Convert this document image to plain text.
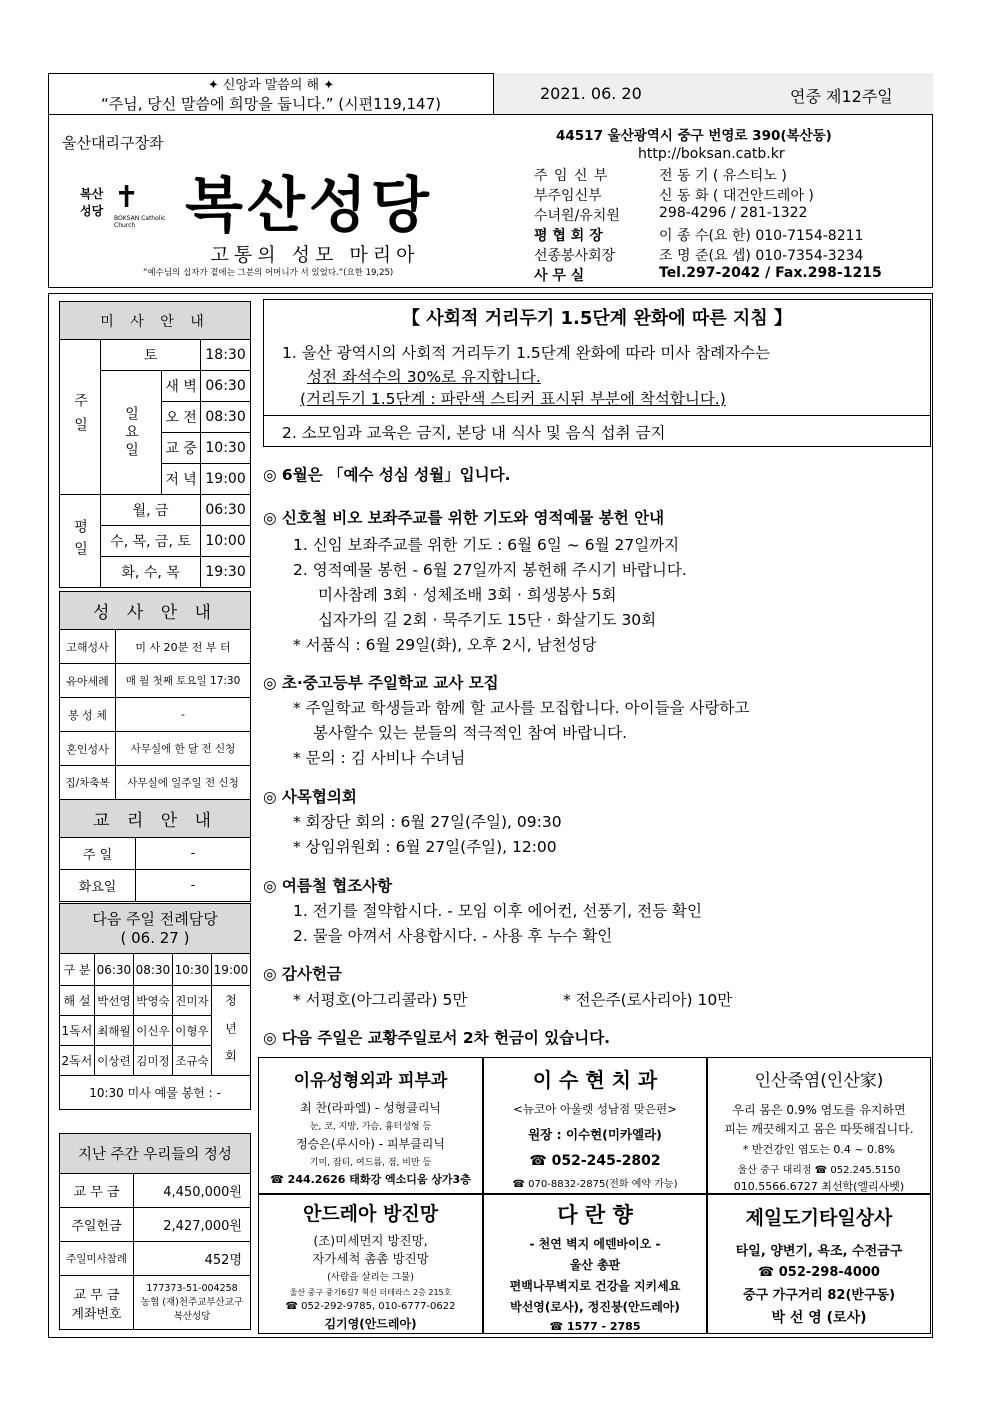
✦ 신앙과 말씀의 해 ✦
“주님, 당신 말씀에 희망을 둡니다.” (시편119,147)
2021. 06. 20	연중 제12주일
울산대리구장좌
복산
성당 ✝
BOKSAN Catholic Church 복산성당
고통의 성모 마리아
“예수님의 십자가 곁에는 그분의 어머니가 서 있었다.”(요한 19,25)
44517 울산광역시 중구 번영로 390(복산동)
http://boksan.catb.kr
주 임 신 부	전 동 기 ( 유스티노 )
부주임신부	신 동 화 ( 대건안드레아 )
수녀원/유치원	298-4296 / 281-1322
평 협 회 장	이 종 수(요 한) 010-7154-8211
선종봉사회장	조 명 준(요 셉) 010-7354-3234
사 무 실	Tel.297-2042 / Fax.298-1215
미 사 안 내			
주일	토		18:30
	일요일	새 벽	06:30
		오 전	08:30
		교 중	10:30
		저 녁	19:00
평일	월, 금		06:30
	수, 목, 금, 토		10:00
	화, 수, 목		19:30
성 사 안 내	
고해성사	미 사 20분 전 부 터
유아세례	매 월 첫째 토요일 17:30
봉 성 체	-
혼인성사	사무실에 한 달 전 신청
집/차축복	사무실에 일주일 전 신청
교 리 안 내	
주 일	-
화요일	-
다음 주일 전례담당
( 06. 27 )				

구 분	06:30	08:30	10:30	19:00
해 설	박선영	박영숙	진미자	청 년 회
1독서	최해월	이신우	이형우	
2독서	이상련	김미정	조규숙	
10:30 미사 예물 봉헌 : -				
지난 주간 우리들의 정성	
교 무 금	4,450,000원
주일헌금	2,427,000원
주일미사참례	452명
교 무 금 계좌번호	177373-51-004258
농협 (재)천주교부산교구 복산성당
【 사회적 거리두기 1.5단계 완화에 따른 지침 】
1. 울산 광역시의 사회적 거리두기 1.5단계 완화에 따라 미사 참례자수는
성전 좌석수의 30%로 유지합니다.
(거리두기 1.5단계 : 파란색 스티커 표시된 부분에 착석합니다.)
2. 소모임과 교육은 금지, 본당 내 식사 및 음식 섭취 금지
◎ 6월은 「예수 성심 성월」입니다.
◎ 신호철 비오 보좌주교를 위한 기도와 영적예물 봉헌 안내
1. 신임 보좌주교를 위한 기도 : 6월 6일 ~ 6월 27일까지
2. 영적예물 봉헌 - 6월 27일까지 봉헌해 주시기 바랍니다.
미사참례 3회 · 성체조배 3회 · 희생봉사 5회
십자가의 길 2회 · 묵주기도 15단 · 화살기도 30회
* 서품식 : 6월 29일(화), 오후 2시, 남천성당
◎ 초·중고등부 주일학교 교사 모집
* 주일학교 학생들과 함께 할 교사를 모집합니다. 아이들을 사랑하고
봉사할수 있는 분들의 적극적인 참여 바랍니다.
* 문의 : 김 사비나 수녀님
◎ 사목협의회
* 회장단 회의 : 6월 27일(주일), 09:30
* 상임위원회 : 6월 27일(주일), 12:00
◎ 여름철 협조사항
1. 전기를 절약합시다. - 모임 이후 에어컨, 선풍기, 전등 확인
2. 물을 아껴서 사용합시다. - 사용 후 누수 확인
◎ 감사헌금
* 서평호(아그리콜라) 5만	* 전은주(로사리아) 10만
◎ 다음 주일은 교황주일로서 2차 헌금이 있습니다.
이유성형외과 피부과
최 찬(라파엘) - 성형클리닉
눈, 코, 지방, 가슴, 흉터성형 등
정승은(루시아) - 피부클리닉
기미, 잡티, 여드름, 점, 비만 등
☎ 244.2626 태화강 엑소디움 상가3층
이 수 현 치 과
<뉴코아 아울렛 성남점 맞은편>
원장 : 이수현(미카엘라)
☎ 052-245-2802
☎ 070-8832-2875(전화 예약 가능)
인산죽염(인산家)
우리 몸은 0.9% 염도를 유지하면
피는 깨끗해지고 몸은 따뜻해집니다.
* 반건강인 염도는 0.4 ~ 0.8%
울산 중구 대리점 ☎ 052.245.5150
010.5566.6727 최선학(엘리사벳)
안드레아 방진망
(조)미세먼지 방진망,
자가세척 촘촘 방진망
(사람을 살리는 그물)
울산 중구 중기6길7 혁신 더테라스 2층 215호
☎ 052-292-9785, 010-6777-0622
김기영(안드레아)
다 란 향
- 천연 벽지 에덴바이오 -
울산 총판
편백나무벽지로 건강을 지키세요
박선영(로사), 정진붕(안드레아)
☎ 1577 - 2785
제일도기타일상사
타일, 양변기, 욕조, 수전금구
☎ 052-298-4000
중구 가구거리 82(반구동)
박 선 영 (로사)
